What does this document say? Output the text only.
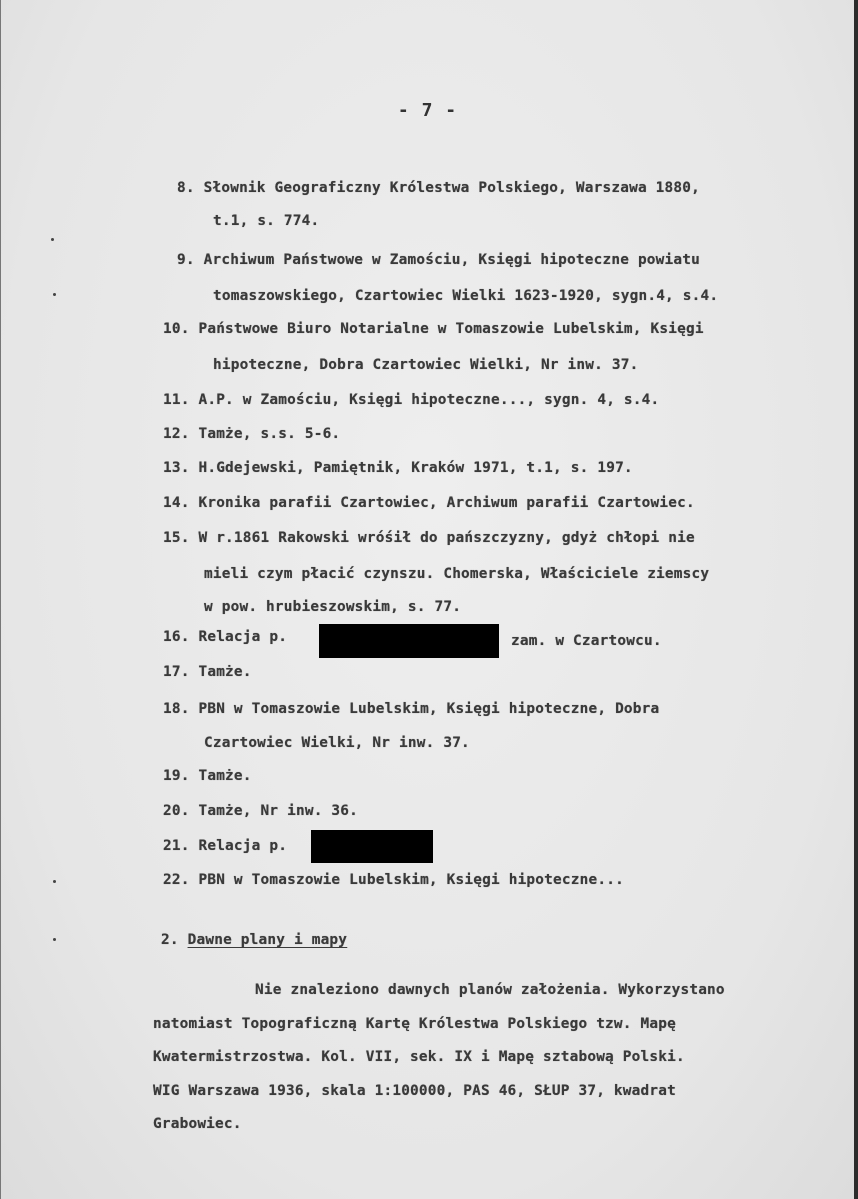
- 7 -
8. Słownik Geograficzny Królestwa Polskiego, Warszawa 1880,
t.1, s. 774.
9. Archiwum Państwowe w Zamościu, Księgi hipoteczne powiatu
tomaszowskiego, Czartowiec Wielki 1623-1920, sygn.4, s.4.
10. Państwowe Biuro Notarialne w Tomaszowie Lubelskim, Księgi
hipoteczne, Dobra Czartowiec Wielki, Nr inw. 37.
11. A.P. w Zamościu, Księgi hipoteczne..., sygn. 4, s.4.
12. Tamże, s.s. 5-6.
13. H.Gdejewski, Pamiętnik, Kraków 1971, t.1, s. 197.
14. Kronika parafii Czartowiec, Archiwum parafii Czartowiec.
15. W r.1861 Rakowski wróśił do pańszczyzny, gdyż chłopi nie
mieli czym płacić czynszu. Chomerska, Właściciele ziemscy
w pow. hrubieszowskim, s. 77.
16. Relacja p.	zam. w Czartowcu.
17. Tamże.
18. PBN w Tomaszowie Lubelskim, Księgi hipoteczne, Dobra
Czartowiec Wielki, Nr inw. 37.
19. Tamże.
20. Tamże, Nr inw. 36.
21. Relacja p.
22. PBN w Tomaszowie Lubelskim, Księgi hipoteczne...
2. Dawne plany i mapy
Nie znaleziono dawnych planów założenia. Wykorzystano
natomiast Topograficzną Kartę Królestwa Polskiego tzw. Mapę
Kwatermistrzostwa. Kol. VII, sek. IX i Mapę sztabową Polski.
WIG Warszawa 1936, skala 1:100000, PAS 46, SŁUP 37, kwadrat
Grabowiec.
